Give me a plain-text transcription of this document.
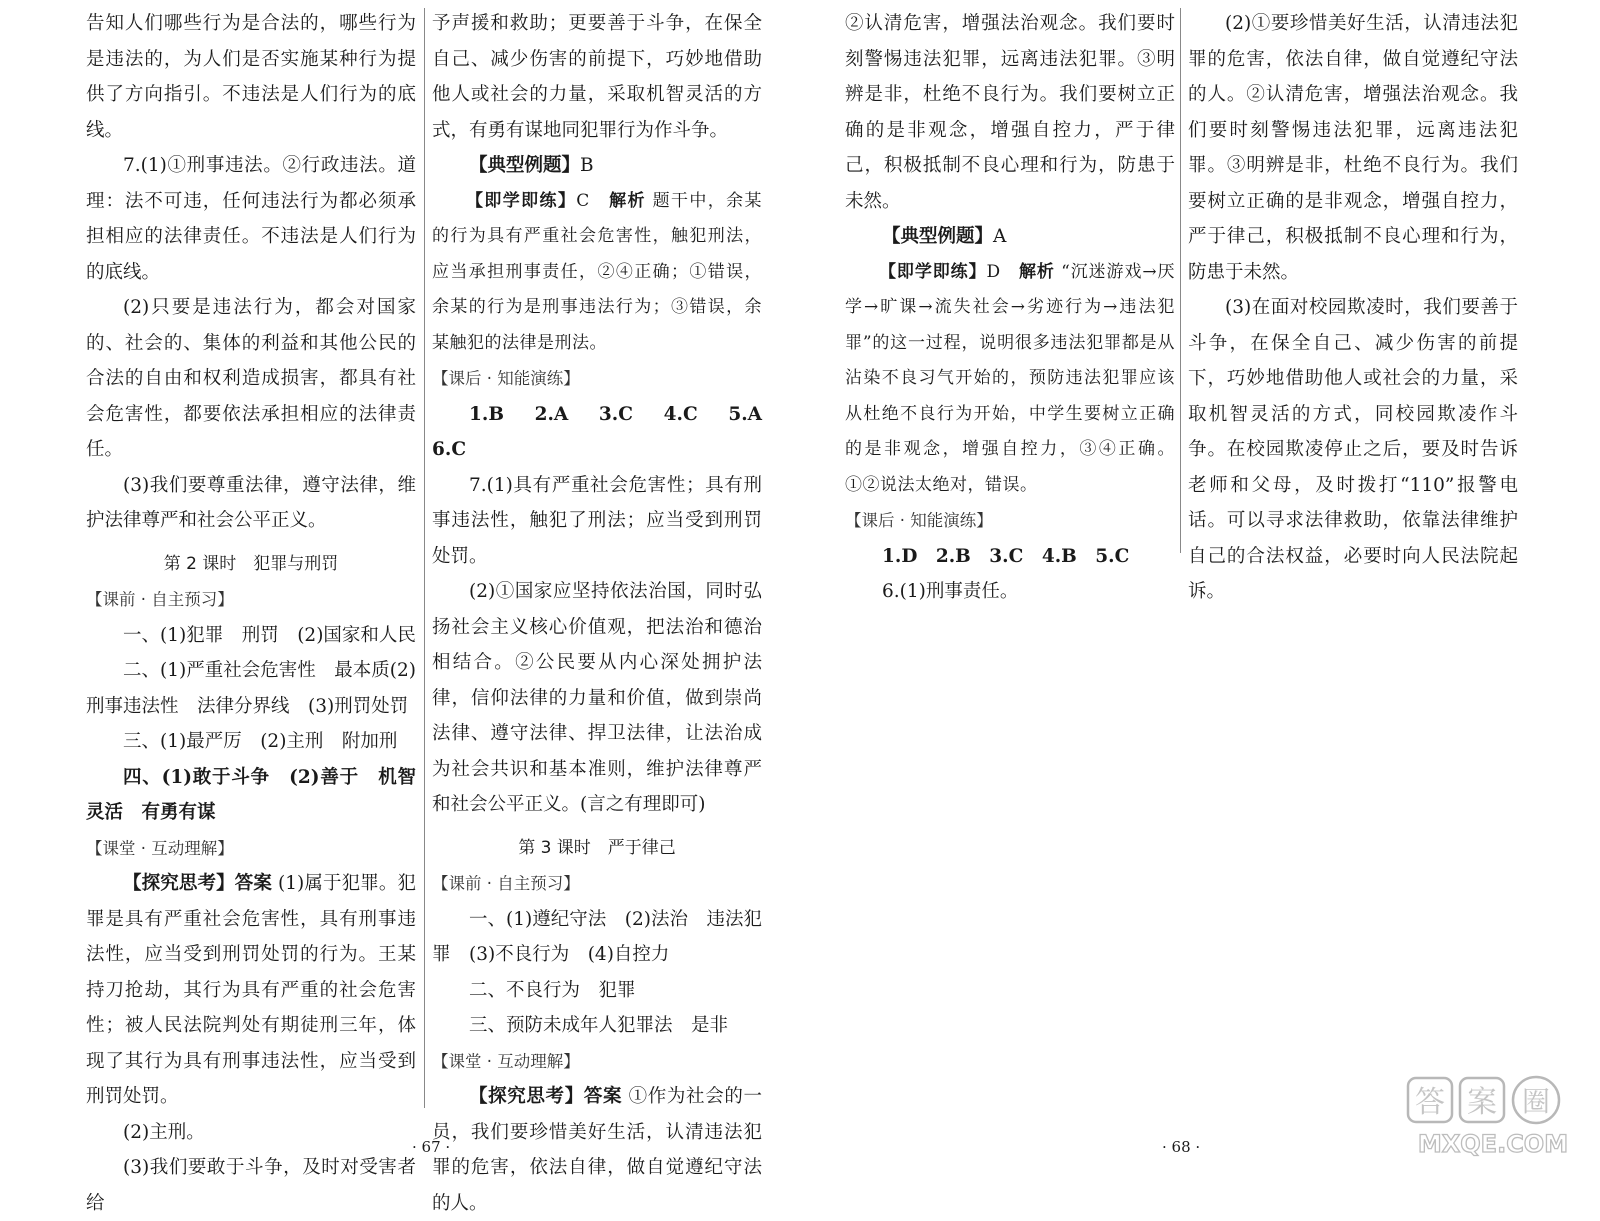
告知人们哪些行为是合法的，哪些行为是违法的，为人们是否实施某种行为提供了方向指引。不违法是人们行为的底线。

7.(1)①刑事违法。②行政违法。道理：法不可违，任何违法行为都必须承担相应的法律责任。不违法是人们行为的底线。

(2)只要是违法行为，都会对国家的、社会的、集体的利益和其他公民的合法的自由和权利造成损害，都具有社会危害性，都要依法承担相应的法律责任。

(3)我们要尊重法律，遵守法律，维护法律尊严和社会公平正义。

第 2 课时　犯罪与刑罚

【课前 · 自主预习】

一、(1)犯罪　刑罚　(2)国家和人民

二、(1)严重社会危害性　最本质(2)刑事违法性　法律分界线　(3)刑罚处罚

三、(1)最严厉　(2)主刑　附加刑

四、(1)敢于斗争　(2)善于　机智灵活　有勇有谋

【课堂 · 互动理解】

【探究思考】答案 (1)属于犯罪。犯罪是具有严重社会危害性，具有刑事违法性，应当受到刑罚处罚的行为。王某持刀抢劫，其行为具有严重的社会危害性；被人民法院判处有期徒刑三年，体现了其行为具有刑事违法性，应当受到刑罚处罚。

(2)主刑。

(3)我们要敢于斗争，及时对受害者给

予声援和救助；更要善于斗争，在保全自己、减少伤害的前提下，巧妙地借助他人或社会的力量，采取机智灵活的方式，有勇有谋地同犯罪行为作斗争。

【典型例题】B

【即学即练】C　 解析 题干中，余某的行为具有严重社会危害性，触犯刑法，应当承担刑事责任，②④正确；①错误，余某的行为是刑事违法行为；③错误，余某触犯的法律是刑法。

【课后 · 知能演练】

1.B　2.A　3.C　4.C　5.A　6.C

7.(1)具有严重社会危害性；具有刑事违法性，触犯了刑法；应当受到刑罚处罚。

(2)①国家应坚持依法治国，同时弘扬社会主义核心价值观，把法治和德治相结合。②公民要从内心深处拥护法律，信仰法律的力量和价值，做到崇尚法律、遵守法律、捍卫法律，让法治成为社会共识和基本准则，维护法律尊严和社会公平正义。(言之有理即可)

第 3 课时　严于律己

【课前 · 自主预习】

一、(1)遵纪守法　(2)法治　违法犯罪　(3)不良行为　(4)自控力

二、不良行为　犯罪

三、预防未成年人犯罪法　是非

【课堂 · 互动理解】

【探究思考】答案 ①作为社会的一员，我们要珍惜美好生活，认清违法犯罪的危害，依法自律，做自觉遵纪守法的人。

②认清危害，增强法治观念。我们要时刻警惕违法犯罪，远离违法犯罪。③明辨是非，杜绝不良行为。我们要树立正确的是非观念，增强自控力，严于律己，积极抵制不良心理和行为，防患于未然。

【典型例题】A

【即学即练】D　 解析 “沉迷游戏→厌学→旷课→流失社会→劣迹行为→违法犯罪”的这一过程，说明很多违法犯罪都是从沾染不良习气开始的，预防违法犯罪应该从杜绝不良行为开始，中学生要树立正确的是非观念，增强自控力，③④正确。①②说法太绝对，错误。

【课后 · 知能演练】

1.D　2.B　3.C　4.B　5.C

6.(1)刑事责任。

(2)①要珍惜美好生活，认清违法犯罪的危害，依法自律，做自觉遵纪守法的人。②认清危害，增强法治观念。我们要时刻警惕违法犯罪，远离违法犯罪。③明辨是非，杜绝不良行为。我们要树立正确的是非观念，增强自控力，严于律己，积极抵制不良心理和行为，防患于未然。

(3)在面对校园欺凌时，我们要善于斗争，在保全自己、减少伤害的前提下，巧妙地借助他人或社会的力量，采取机智灵活的方式，同校园欺凌作斗争。在校园欺凌停止之后，要及时告诉老师和父母，及时拨打“110”报警电话。可以寻求法律救助，依靠法律维护自己的合法权益，必要时向人民法院起诉。

· 67 ·	· 68 ·
答 案 圈
MXQE.COM
